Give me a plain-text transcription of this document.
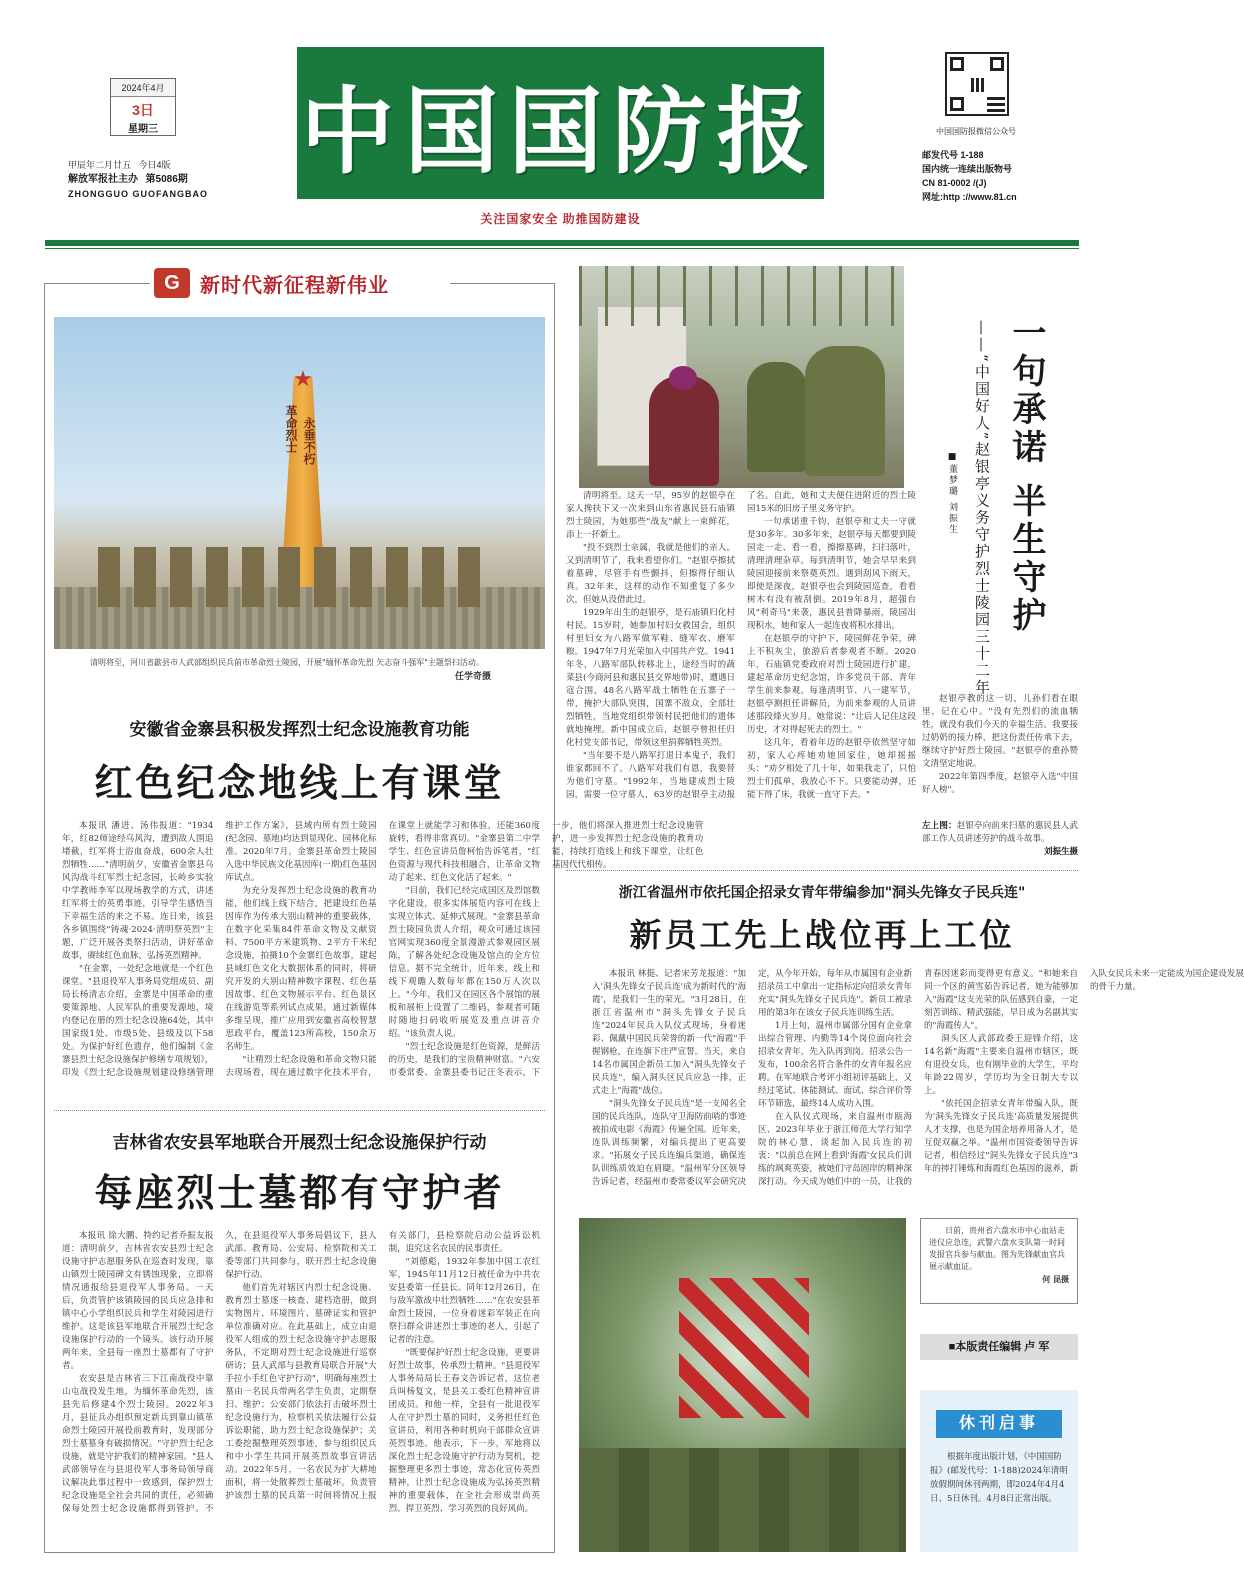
2024年4月
3日
星期三
甲辰年二月廿五 今日4版
解放军报社主办 第5086期
ZHONGGUO GUOFANGBAO
中国国防报
关注国家安全 助推国防建设
中国国防报微信公众号
邮发代号 1-188
国内统一连续出版物号
CN 81-0002 /(J)
网址:http ://www.81.cn
G	新时代新征程新伟业
★
革命烈士 永垂不朽
清明将至，河川省歙县市人武部组织民兵前市革命烈士陵园，开展"缅怀革命先烈 矢志奋斗强军"主题祭扫活动。
任学奇摄
安徽省金寨县积极发挥烈士纪念设施教育功能
红色纪念地线上有课堂

本报讯 潘进、汤伟报道："1934年，红82师途经乌风沟，遭到敌人围追堵截，红军将士浴血奋战，600余人壮烈牺牲……"清明前夕，安徽省金寨县乌风沟战斗红军烈士纪念园，长岭乡实验中学教师李军以现场教学的方式，讲述红军将士的英勇事迹，引导学生感悟当下幸福生活的来之不易。连日来，该县各乡镇围绕"铸魂·2024·清明祭英烈"主题，广泛开展各类祭扫活动，讲好革命故事，赓续红色血脉，弘扬英烈精神。

"在金寨，一处纪念地就是一个红色课堂。"县退役军人事务局党组成员、副局长杨清志介绍，金寨是中国革命的重要策源地、人民军队的重要发源地，境内登记在册的烈士纪念设施64处，其中国家级1处、市级5处、县级及以下58处。为保护好红色遗存，他们编制《金寨县烈士纪念设施保护修缮专项规划》，印发《烈士纪念设施规划建设修缮管理维护工作方案》，县域内所有烈士陵园(纪念园、墓地)均达到显现化、园林化标准。2020年7月，金寨县革命烈士陵园入选中华民族文化基因库(一期)红色基因库试点。

为充分发挥烈士纪念设施的教育功能，他们线上线下结合，把建设红色基因库作为传承大别山精神的重要载体，在数字化采集84件革命文物及文献资料、7500平方米建筑物、2平方千米纪念设施，拍摄10个金寨红色故事，建起县域红色文化大数据体系的同时，将研究开发的大别山精神数字课程、红色基因故事、红色文物展示平台、红色景区在线游览等系列试点成果，通过新媒体多维呈现，推广应用到安徽省高校智慧思政平台，覆盖123所高校，150余万名师生。

"让精烈士纪念设施和革命文物只能去现场看，现在通过数字化技术平台，在课堂上就能学习和体验，还能360度旋转，看得非常真切。"金寨县第二中学学生、红色宣讲员詹柯怡告诉笔者，"红色资源与现代科技相融合，让革命文物动了起来、红色文化活了起来。"

"目前，我们已经完成国区及烈馆数字化建设，很多实体展览内容可在线上实现立体式、延伸式展现。"金寨县革命烈士陵园负责人介绍，观众可通过该园官网实现360度全景漫游式参观园区展陈，了解各处纪念设施及馆点的全方位信息。据不完全统计，近年来，线上和线下观瞻人数每年都在150万人次以上。"今年，我们又在园区各个展馆的展板和展柜上设置了二维码，参观者可随时随地扫码收听展览及重点讲音介绍。"该负责人说。

"烈士纪念设施是红色资源，是鲜活的历史，是我们的宝贵精神财富。"六安市委常委、金寨县委书记汪冬表示，下一步，他们将深入推进烈士纪念设施管护，进一步发挥烈士纪念设施的教育功能，持续打造线上和线下课堂，让红色基因代代相传。

吉林省农安县军地联合开展烈士纪念设施保护行动
每座烈士墓都有守护者

本报讯 徐大鹏、特约记者乔振友报道：清明前夕，吉林省农安县烈士纪念设施守护志愿服务队在巡查时发现，靠山镇烈士陵园碑文有锈蚀现象，立即将情况通报给县退役军人事务局。一天后，负责管护该镇陵园的民兵应急排和镇中心小学组织民兵和学生对陵园进行维护。这是该县军地联合开展烈士纪念设施保护行动的一个镜头。该行动开展两年来，全县每一座烈士墓都有了守护者。

农安县是吉林省三下江南战役中靠山屯战役发生地，为缅怀革命先烈，该县先后修建4个烈士陵园。2022年3月，县征兵办组织预定新兵到靠山镇革命烈士陵园开展役前教育时，发现部分烈士墓墓身有破损情况。"守护烈士纪念设施，就是守护我们的精神家园。"县人武部领导在与县退役军人事务局领导商议解决此事过程中一致感到，保护烈士纪念设施是全社会共同的责任，必须确保每处烈士纪念设施都得到管护。不久，在县退役军人事务局倡议下，县人武部、教育局、公安局、检察院和关工委等部门共同参与，联开烈士纪念设施保护行动。

他们首先对辖区内烈士纪念设施、教育烈士墓逐一核查、建档造册，做到实物图片、环境图片、墓碑证实和管护单位准确对应。在此基础上，成立由退役军人组成的烈士纪念设施守护志愿服务队，不定期对烈士纪念设施进行巡察研访；县人武部与县教育局联合开展"大手拉小手红色守护行动"，明确每座烈士墓由一名民兵带两名学生负责，定期祭扫、维护；公安部门依法打击破坏烈士纪念设施行为，检察机关依法履行公益诉讼职能，助力烈士纪念设施保护；关工委挖掘整理英烈事迹，参与组织民兵和中小学生共同开展英烈故事宣讲活动。2022年5月，一名农民为扩大耕地面积，将一处散葬烈士墓破坏。负责管护该烈士墓的民兵第一时间将情况上报有关部门，县检察院启动公益诉讼机制，追究这名农民的民事责任。

"刘德彪，1932年参加中国工农红军，1945年11月12日被任命为中共农安县委第一任县长。同年12月26日，在与敌军激战中壮烈牺牲……"在农安县革命烈士陵园，一位身着迷彩军装正在向祭扫群众讲述烈士事迹的老人，引起了记者的注意。

"既要保护好烈士纪念设施，更要讲好烈士故事，传承烈士精神。"县退役军人事务局局长王春文告诉记者，这位老兵叫杨复文，是县关工委红色精神宣讲团成员。和他一样，全县有一批退役军人在守护烈士墓的同时，义务担任红色宣讲员，利用各种时机向干部群众宣讲英烈事迹。他表示，下一步，军地将以深化烈士纪念设施守护行动为契机，挖掘整理更多烈士事迹，常态化宣传英烈精神，让烈士纪念设施成为弘扬英烈精神的重要载体，在全社会形成崇尚英烈、捍卫英烈、学习英烈的良好风尚。

一句承诺 半生守护
——“中国好人”赵银亭义务守护烈士陵园三十二年
■董梦璐 刘振生

清明将至。这天一早，95岁的赵银亭在家人搀扶下又一次来到山东省惠民县石庙镇烈士陵园，为她那些"战友"献上一束鲜花，添上一抔新土。

"投不到烈士亲属，我就是他们的亲人。又到清明节了，我来看望你们。"赵银亭擦拭着墓碑，尽管手有些颤抖，但擦得仔细认真。32年来，这样的动作不知重复了多少次，但她从没借此过。

1929年出生的赵银亭，是石庙镇归化村村民。15岁时，她参加村妇女救国会，组织村里妇女为八路军做军鞋、缝军衣、磨军粮。1947年7月光荣加入中国共产党。1941年冬，八路军部队转移北上，途经当时的蔬菜县(今商河县和惠民县交界地带)时，遭遇日寇合围，48名八路军战士牺牲在五寨子一带，掩护大部队突围，国寨不敌众，全部壮烈牺牲，当地党组织带领村民把他们的遗体就地掩埋。新中国成立后，赵银亭曾担任归化村党支部书记，带领这里捐葬牺牲英烈。

"当年要不是八路军打退日本鬼子，我们谁家都回不了。八路军对我们有恩，我要替为他们守墓。"1992年，当地建成烈士陵园，需要一位守墓人，63岁的赵银亭主动报了名。自此，她和丈夫便住进附近的烈士陵园15米的旧房子里义务守护。

一句承诺重千钧，赵银亭和丈夫一守就是30多年。30多年来，赵银亭每天都要到陵园走一走、看一看，擦擦墓碑，扫扫落叶，清理清理杂草。每到清明节，她会早早来到陵园迎接前来祭奠英烈。遇到刮风下雨天，即使是深夜，赵银亭也会到陵园巡查，看看树木有没有被刮倒。2019年8月，超强台风"利奇马"来袭，惠民县普降暴雨，陵园出现积水，她和家人一起连夜将积水排出。

在赵银亭的守护下，陵园鲜花争荣，碑上不积灰尘，旅游后者参观者不断。2020年，石庙镇党委政府对烈士陵园进行扩建，建起革命历史纪念馆，许多党员干部、青年学生前来参观。每逢清明节、八一建军节，赵银亭测担任讲解员，为前来参观的人员讲述那段烽火岁月。她常说："让后人记住这段历史，才对得起死去的烈士。"

这几年，看着年迈的赵银亭依然坚守如初，家人心疼她劝她回家住，她却摇摇头："劝夕相处了几十年，如果我走了，只怕烈士们孤单，我放心不下。只要能动弹，还能下得了床，我就一直守下去。"

赵银亭教的这一切，儿孙们看在眼里，记在心中。"没有先烈们的流血牺牲，就没有我们今天的幸福生活。我要接过奶奶的接力棒，把这份责任传承下去，继续守护好烈士陵园。"赵银亭的重孙赞文清坚定地说。

2022年第四季度，赵银亭入选"中国好人榜"。

左上图：赵银亭向前来扫墓的惠民县人武部工作人员讲述劳护的战斗故事。
刘振生摄
浙江省温州市依托国企招录女青年带编参加"洞头先锋女子民兵连"
新员工先上战位再上工位

本报讯 林挺、记者宋芳龙报道："加入'洞头先锋女子民兵连'成为新时代的'海霞'，是我们一生的荣光。"3月28日，在浙江省温州市"洞头先锋女子民兵连"2024年民兵入队仪式现场，身着迷彩、佩戴中国民兵荣誉的新一代"海霞"手握钢枪，在连旗下庄严宣誓。当天，来自14名市属国企新员工加入"洞头先锋女子民兵连"，编入洞头区民兵应急一排，正式走上"海霞"战位。

"洞头先锋女子民兵连"是一支闻名全国的民兵连队，连队守卫海防前哨的事迹被拍成电影《海霞》传遍全国。近年来，连队训练频繁，对编兵提出了更高要求。"拓展女子民兵连编兵渠道，确保连队训练质效迫在眉睫。"温州军分区领导告诉记者，经温州市委常委议军会研究决定，从今年开始，每年从市属国有企业新招录员工中拿出一定指标定向招录女青年充实"洞头先锋女子民兵连"。新员工被录用的第3年在该女子民兵连训练生活。

1月上旬，温州市属部分国有企业拿出综合管理、内勤等14个岗位面向社会招录女青年，先入队再到岗。招录公告一发布，100余名符合条件的女青年报名应聘。在军地联合考评小组初评基础上，又经过笔试、体能测试、面试、综合评价等环节筛选，最终14人成功入围。

在入队仪式现场，来自温州市瓯海区、2023年毕业于浙江师范大学行知学院的林心慧，谈起加入民兵连的初衷："以前总在网上看到'海霞'女民兵们训练的飒爽英姿，被她们守岛固岸的精神深深打动。今天成为她们中的一员，让我的青春因迷彩而变得更有意义。"和她来自同一个区的黄雪茹告诉记者，她为能够加入"海霞"这支光荣的队伍感到自豪，一定刻苦训练、精武强能，早日成为名副其实的"海霞传人"。

洞头区人武部政委王迎锋介绍，这14名新"海霞"主要来自温州市辖区，既有退役女兵，也有刚毕业的大学生，平均年龄22周岁，学历均为全日制大专以上。

"依托国企招录女青年带编入队，既为'洞头先锋女子民兵连'高质量发展提供人才支撑，也是为国企培养用备人才，是互促双赢之举。"温州市国资委领导告诉记者，相信经过"洞头先锋女子民兵连"3年的摔打锤炼和海霞红色基因的滋养，新入队女民兵未来一定能成为国企建设发展的骨干力量。

日前，贵州省六盘水市中心血站走进仪应急连，武警六盘水支队第一时间发报官兵参与献血。图为先锋献血官兵展示献血证。
何 昆摄
■本版责任编辑 卢 军
休刊启事
根据年度出版计划，《中国国防报》(邮发代号：1-188)2024年清明放假期间休刊两期，即2024年4月4日、5日休刊。4月8日正常出版。
